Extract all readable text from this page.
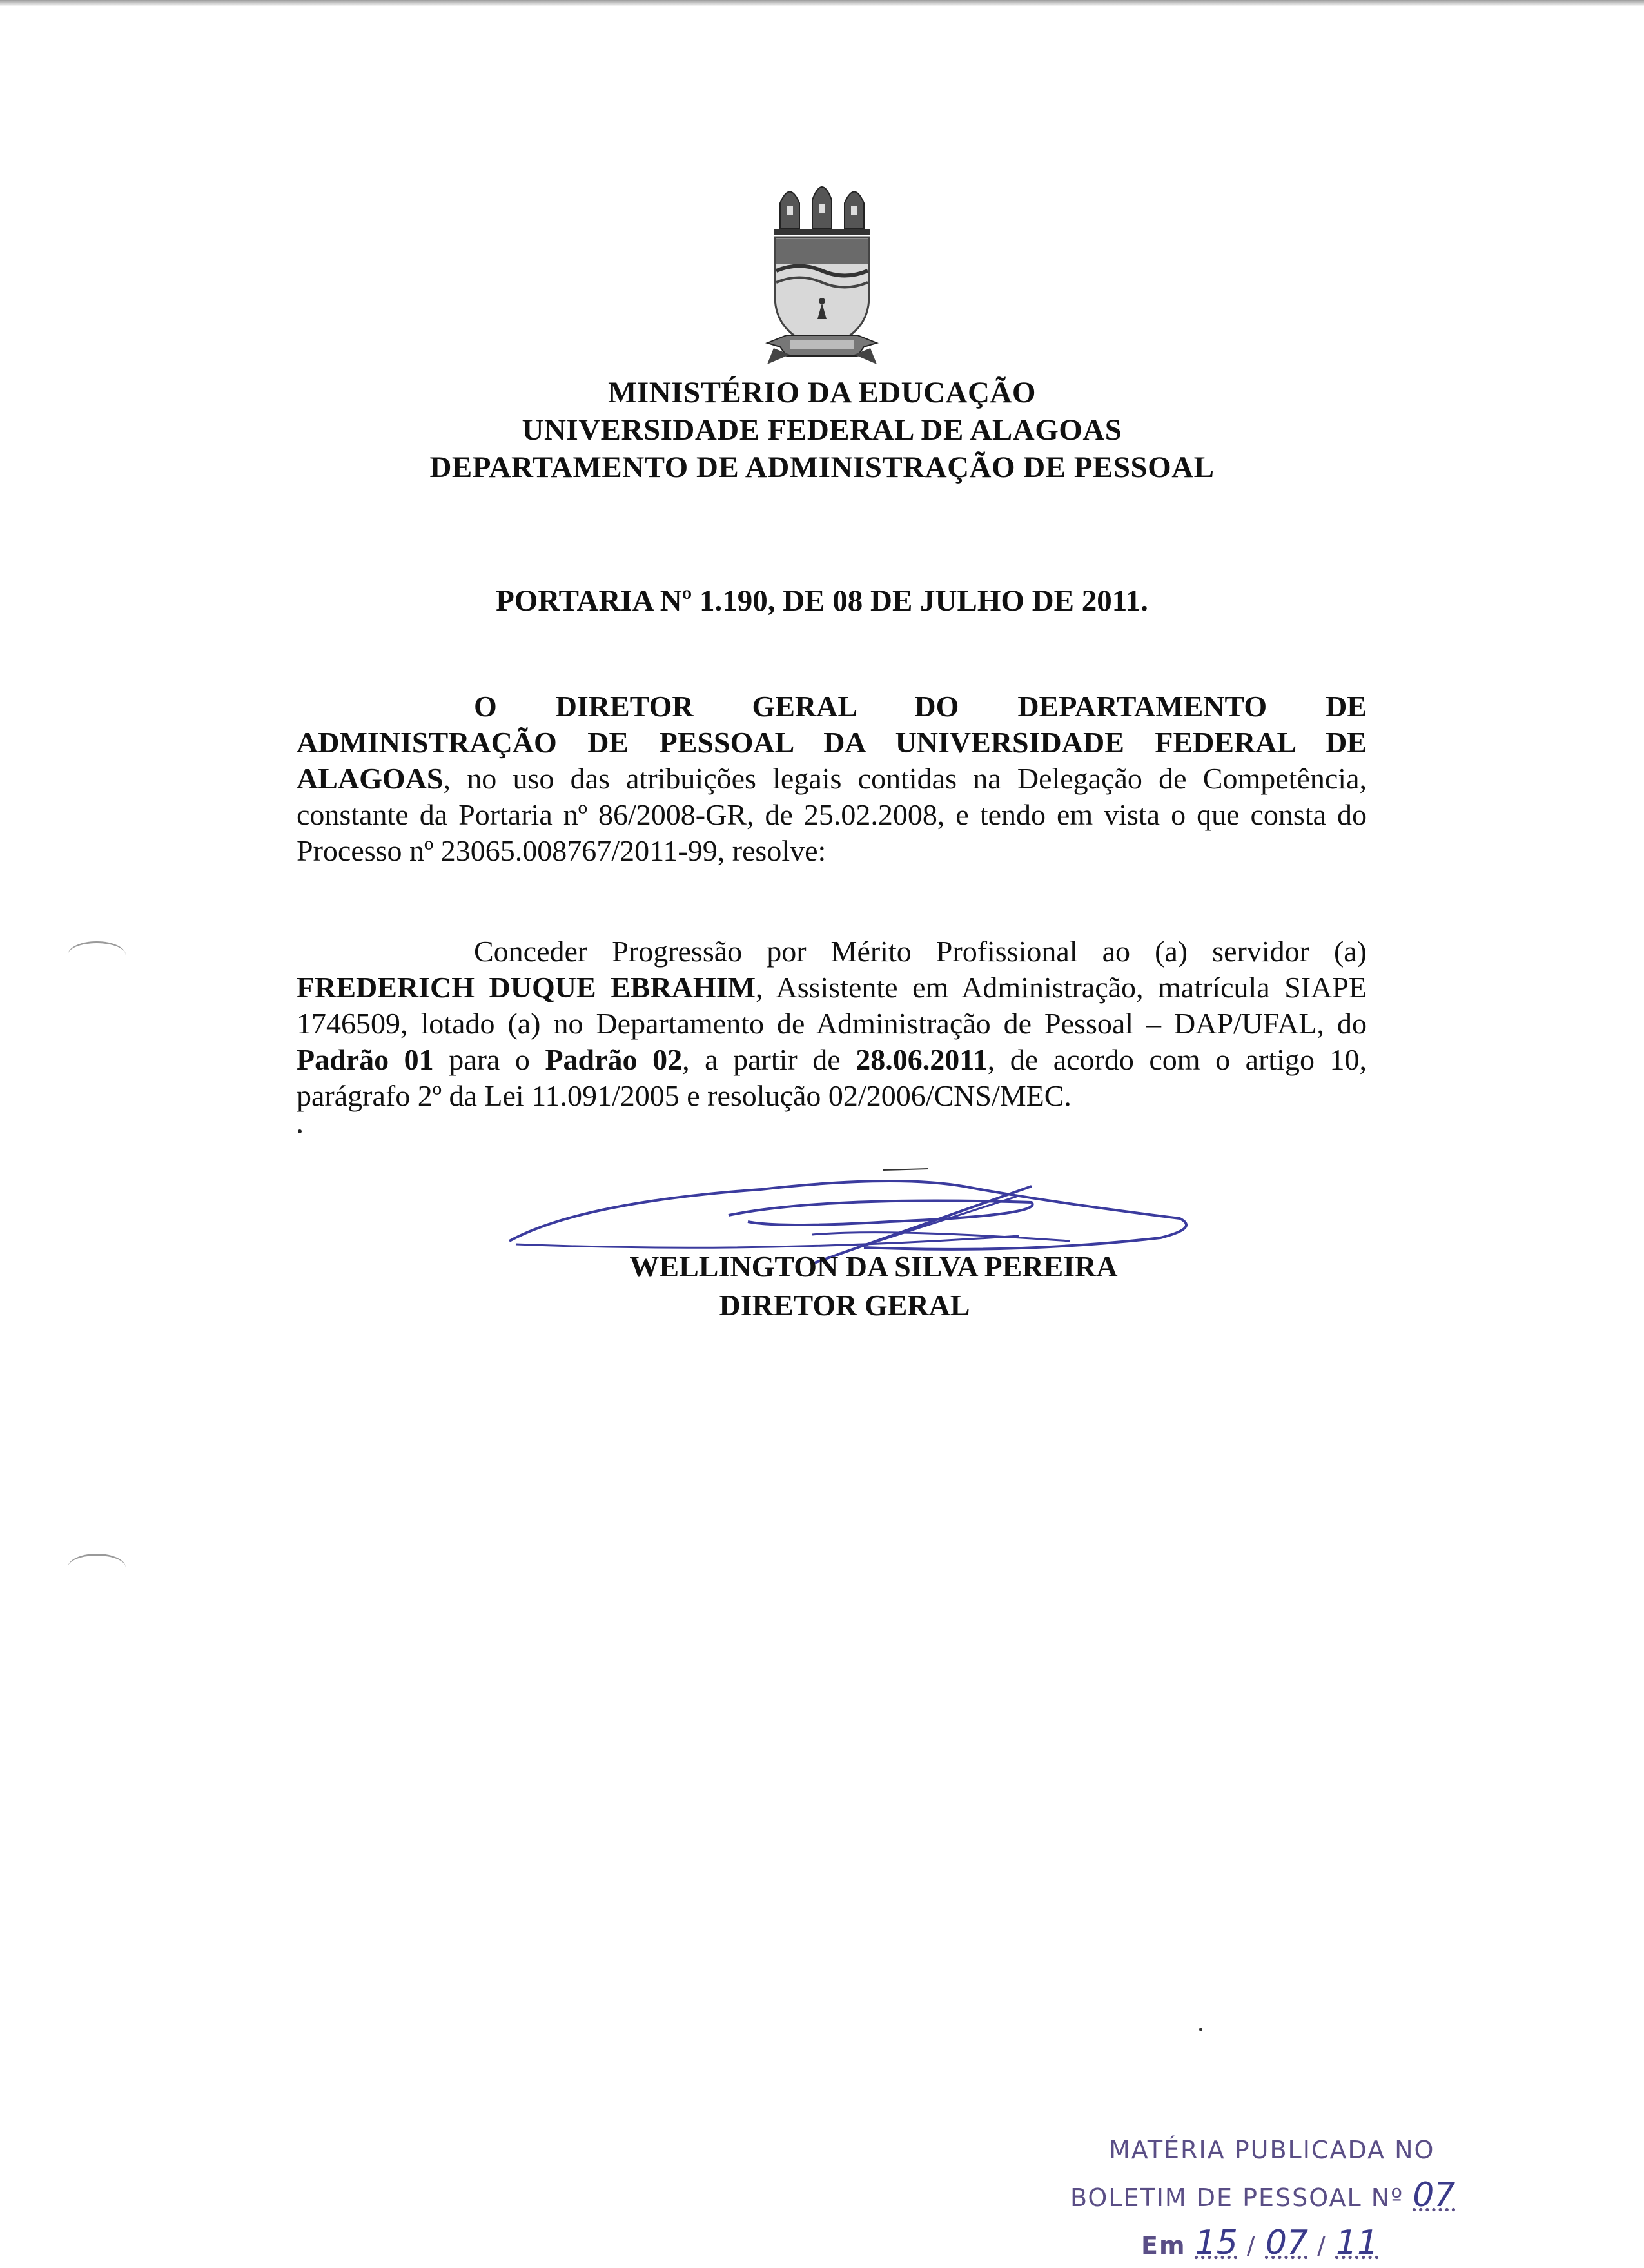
MINISTÉRIO DA EDUCAÇÃO
UNIVERSIDADE FEDERAL DE ALAGOAS
DEPARTAMENTO DE ADMINISTRAÇÃO DE PESSOAL
PORTARIA Nº 1.190, DE 08 DE JULHO DE 2011.
O DIRETOR GERAL DO DEPARTAMENTO DE ADMINISTRAÇÃO DE PESSOAL DA UNIVERSIDADE FEDERAL DE ALAGOAS, no uso das atribuições legais contidas na Delegação de Competência, constante da Portaria nº 86/2008-GR, de 25.02.2008, e tendo em vista o que consta do Processo nº 23065.008767/2011-99, resolve:
Conceder Progressão por Mérito Profissional ao (a) servidor (a) FREDERICH DUQUE EBRAHIM, Assistente em Administração, matrícula SIAPE 1746509, lotado (a) no Departamento de Administração de Pessoal – DAP/UFAL, do Padrão 01 para o Padrão 02, a partir de 28.06.2011, de acordo com o artigo 10, parágrafo 2º da Lei 11.091/2005 e resolução 02/2006/CNS/MEC.
WELLINGTON DA SILVA PEREIRA
DIRETOR GERAL
MATÉRIA PUBLICADA NO
BOLETIM DE PESSOAL Nº 07
Em 15 / 07 / 11
